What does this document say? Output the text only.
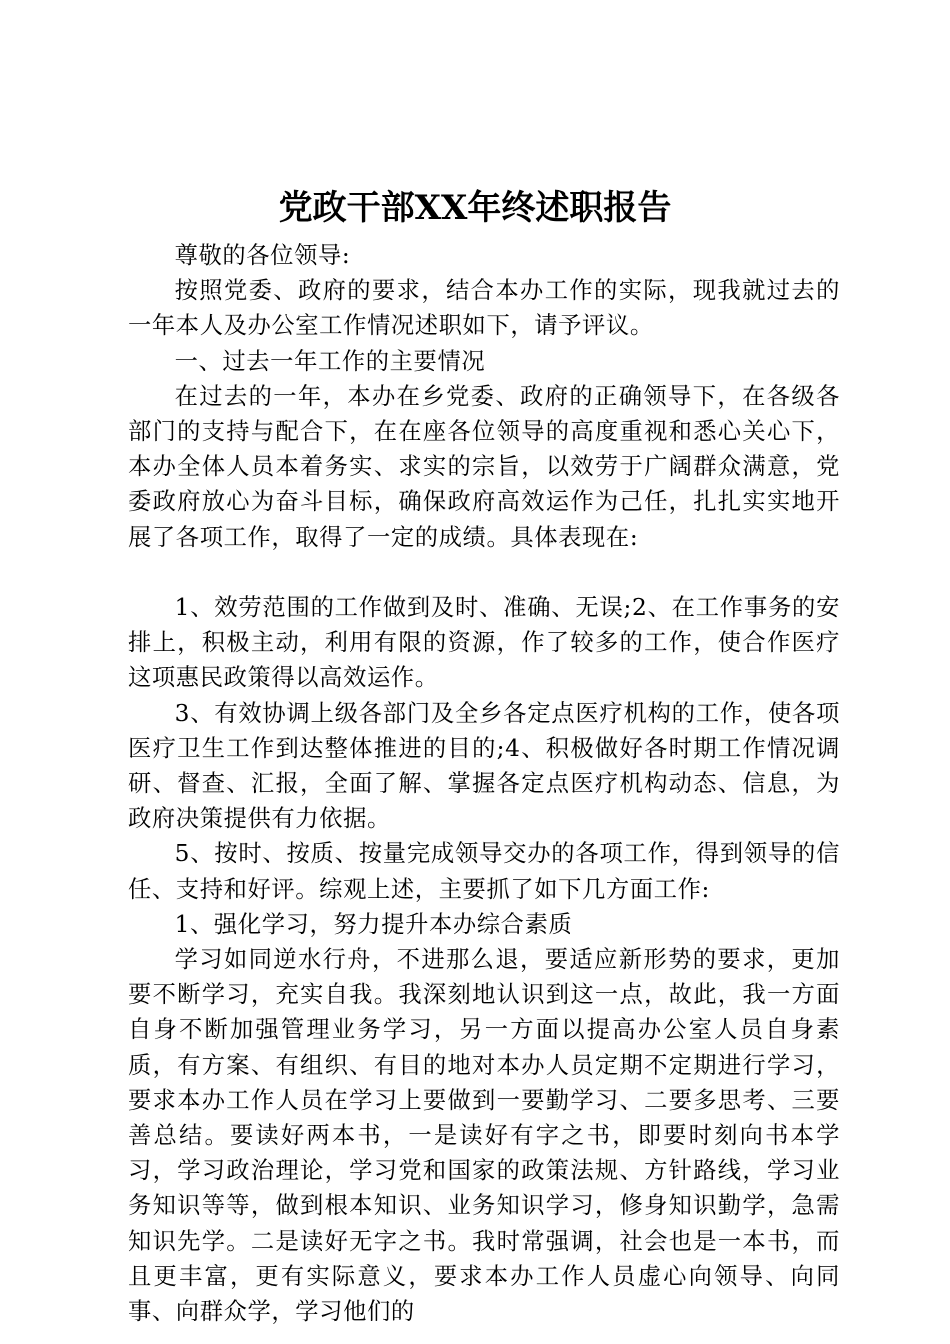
党政干部XX年终述职报告

尊敬的各位领导:

按照党委、政府的要求，结合本办工作的实际，现我就过去的一年本人及办公室工作情况述职如下，请予评议。

一、过去一年工作的主要情况

在过去的一年，本办在乡党委、政府的正确领导下，在各级各部门的支持与配合下，在在座各位领导的高度重视和悉心关心下，本办全体人员本着务实、求实的宗旨，以效劳于广阔群众满意，党委政府放心为奋斗目标，确保政府高效运作为己任，扎扎实实地开展了各项工作，取得了一定的成绩。具体表现在:

1、效劳范围的工作做到及时、准确、无误;2、在工作事务的安排上，积极主动，利用有限的资源，作了较多的工作，使合作医疗这项惠民政策得以高效运作。

3、有效协调上级各部门及全乡各定点医疗机构的工作，使各项医疗卫生工作到达整体推进的目的;4、积极做好各时期工作情况调研、督查、汇报，全面了解、掌握各定点医疗机构动态、信息，为政府决策提供有力依据。

5、按时、按质、按量完成领导交办的各项工作，得到领导的信任、支持和好评。综观上述，主要抓了如下几方面工作:

1、强化学习，努力提升本办综合素质

学习如同逆水行舟，不进那么退，要适应新形势的要求，更加要不断学习，充实自我。我深刻地认识到这一点，故此，我一方面自身不断加强管理业务学习，另一方面以提高办公室人员自身素质，有方案、有组织、有目的地对本办人员定期不定期进行学习，要求本办工作人员在学习上要做到一要勤学习、二要多思考、三要善总结。要读好两本书，一是读好有字之书，即要时刻向书本学习，学习政治理论，学习党和国家的政策法规、方针路线，学习业务知识等等，做到根本知识、业务知识学习，修身知识勤学，急需知识先学。二是读好无字之书。我时常强调，社会也是一本书，而且更丰富，更有实际意义，要求本办工作人员虚心向领导、向同事、向群众学，学习他们的
